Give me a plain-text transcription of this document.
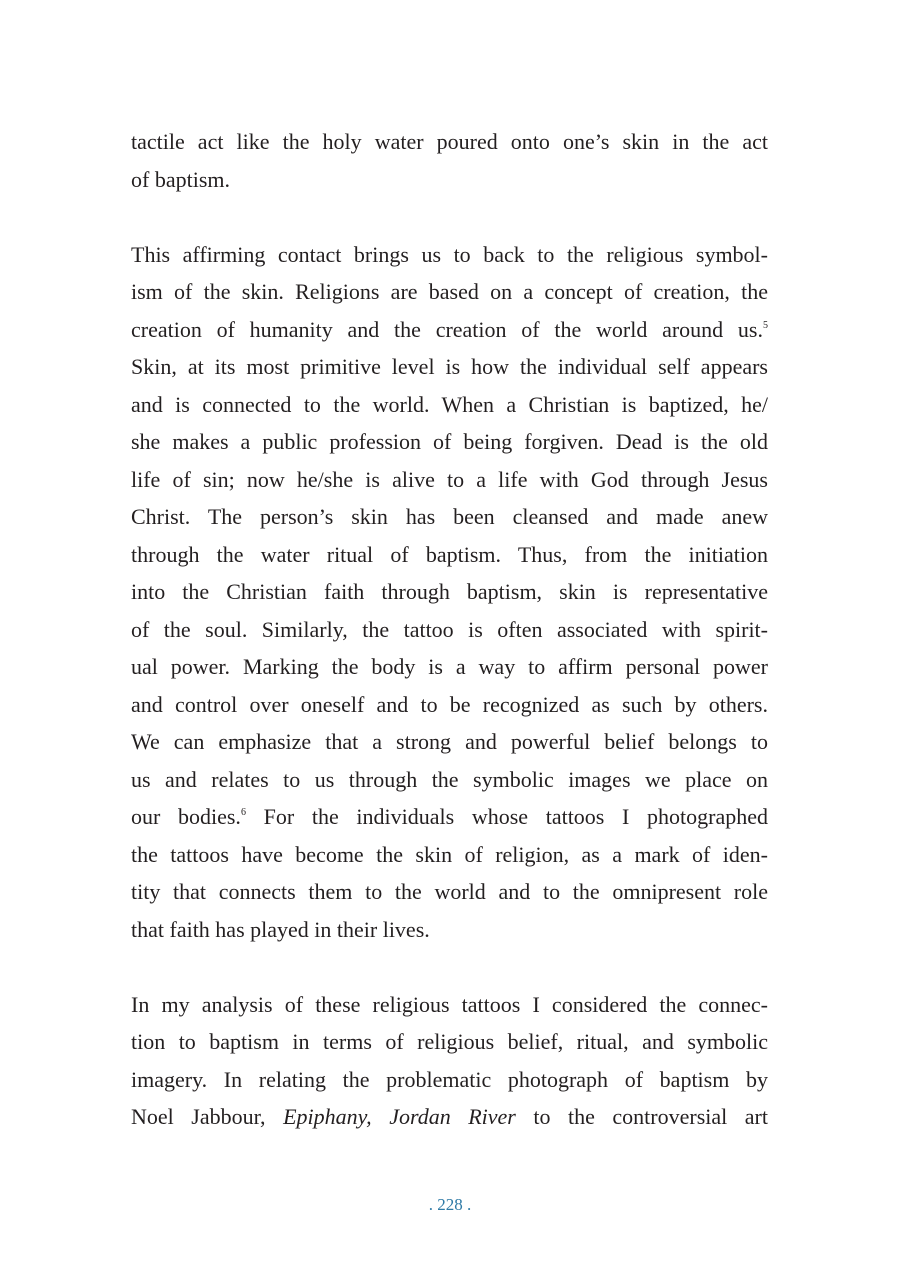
tactile act like the holy water poured onto one’s skin in the act
of baptism.
This affirming contact brings us to back to the religious symbol-
ism of the skin. Religions are based on a concept of creation, the
creation of humanity and the creation of the world around us.$^5$
Skin, at its most primitive level is how the individual self appears
and is connected to the world. When a Christian is baptized, he/
she makes a public profession of being forgiven. Dead is the old
life of sin; now he/she is alive to a life with God through Jesus
Christ. The person’s skin has been cleansed and made anew
through the water ritual of baptism. Thus, from the initiation
into the Christian faith through baptism, skin is representative
of the soul. Similarly, the tattoo is often associated with spirit-
ual power. Marking the body is a way to affirm personal power
and control over oneself and to be recognized as such by others.
We can emphasize that a strong and powerful belief belongs to
us and relates to us through the symbolic images we place on
our bodies.$^6$ For the individuals whose tattoos I photographed
the tattoos have become the skin of religion, as a mark of iden-
tity that connects them to the world and to the omnipresent role
that faith has played in their lives.
In my analysis of these religious tattoos I considered the connec-
tion to baptism in terms of religious belief, ritual, and symbolic
imagery. In relating the problematic photograph of baptism by
Noel Jabbour, Epiphany, Jordan River to the controversial art
. 228 .
